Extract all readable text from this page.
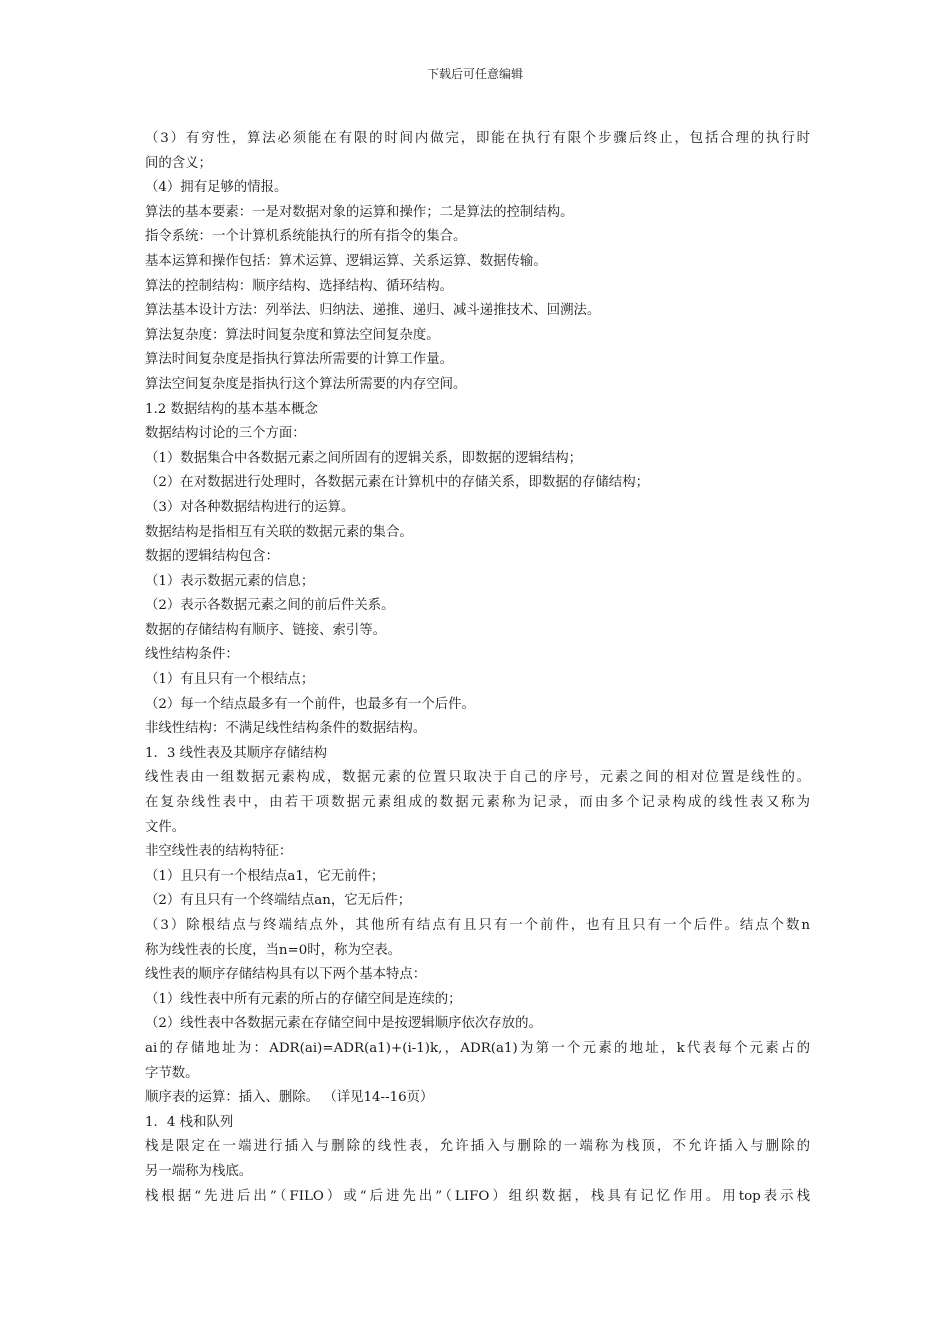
下载后可任意编辑
（3）有穷性，算法必须能在有限的时间内做完，即能在执行有限个步骤后终止，包括合理的执行时
间的含义；
（4）拥有足够的情报。
算法的基本要素：一是对数据对象的运算和操作；二是算法的控制结构。
指令系统：一个计算机系统能执行的所有指令的集合。
基本运算和操作包括：算术运算、逻辑运算、关系运算、数据传输。
算法的控制结构：顺序结构、选择结构、循环结构。
算法基本设计方法：列举法、归纳法、递推、递归、减斗递推技术、回溯法。
算法复杂度：算法时间复杂度和算法空间复杂度。
算法时间复杂度是指执行算法所需要的计算工作量。
算法空间复杂度是指执行这个算法所需要的内存空间。
1.2 数据结构的基本基本概念
数据结构讨论的三个方面：
（1）数据集合中各数据元素之间所固有的逻辑关系，即数据的逻辑结构；
（2）在对数据进行处理时，各数据元素在计算机中的存储关系，即数据的存储结构；
（3）对各种数据结构进行的运算。
数据结构是指相互有关联的数据元素的集合。
数据的逻辑结构包含：
（1）表示数据元素的信息；
（2）表示各数据元素之间的前后件关系。
数据的存储结构有顺序、链接、索引等。
线性结构条件：
（1）有且只有一个根结点；
（2）每一个结点最多有一个前件，也最多有一个后件。
非线性结构：不满足线性结构条件的数据结构。
1．3 线性表及其顺序存储结构
线性表由一组数据元素构成，数据元素的位置只取决于自己的序号，元素之间的相对位置是线性的。
在复杂线性表中，由若干项数据元素组成的数据元素称为记录，而由多个记录构成的线性表又称为
文件。
非空线性表的结构特征：
（1）且只有一个根结点a1，它无前件；
（2）有且只有一个终端结点an，它无后件；
（3）除根结点与终端结点外，其他所有结点有且只有一个前件，也有且只有一个后件。结点个数n
称为线性表的长度，当n=0时，称为空表。
线性表的顺序存储结构具有以下两个基本特点：
（1）线性表中所有元素的所占的存储空间是连续的；
（2）线性表中各数据元素在存储空间中是按逻辑顺序依次存放的。
ai的存储地址为：ADR(ai)=ADR(a1)+(i-1)k,，ADR(a1)为第一个元素的地址，k代表每个元素占的
字节数。
顺序表的运算：插入、删除。 （详见14--16页）
1．4 栈和队列
栈是限定在一端进行插入与删除的线性表，允许插入与删除的一端称为栈顶，不允许插入与删除的
另一端称为栈底。
栈根据“先进后出”（FILO）或“后进先出”（LIFO）组织数据，栈具有记忆作用。用top表示栈
